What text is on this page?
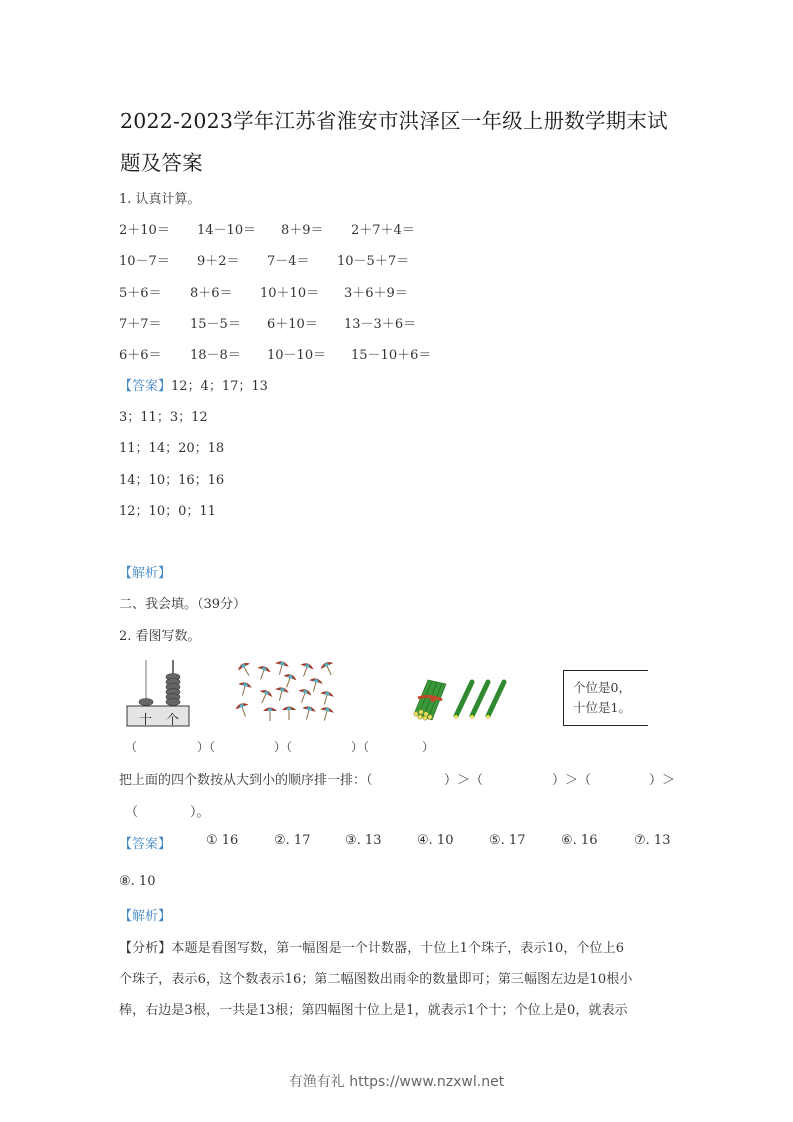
2022-2023学年江苏省淮安市洪泽区一年级上册数学期末试
题及答案
1. 认真计算。
2＋10＝ 14－10＝ 8＋9＝ 2＋7＋4＝
10－7＝ 9＋2＝ 7－4＝ 10－5＋7＝
5＋6＝ 8＋6＝ 10＋10＝ 3＋6＋9＝
7＋7＝ 15－5＝ 6＋10＝ 13－3＋6＝
6＋6＝ 18－8＝ 10－10＝ 15－10＋6＝
【答案】12；4；17；13
3；11；3；12
11；14；20；18
14；10；16；16
12；10；0；11
【解析】
二、我会填。（39分）
2. 看图写数。
十 个
个位是0，
十位是1。
（	）（	）（	）（	）
把上面的四个数按从大到小的顺序排一排：（	）＞（	）＞（	）＞
（	）。
【答案】	① 16	②. 17	③. 13	④. 10	⑤. 17	⑥. 16	⑦. 13
⑧. 10
【解析】
【分析】本题是看图写数，第一幅图是一个计数器，十位上1个珠子，表示10，个位上6
个珠子，表示6，这个数表示16；第二幅图数出雨伞的数量即可；第三幅图左边是10根小
棒，右边是3根，一共是13根；第四幅图十位上是1，就表示1个十；个位上是0，就表示
有渔有礼 https://www.nzxwl.net
